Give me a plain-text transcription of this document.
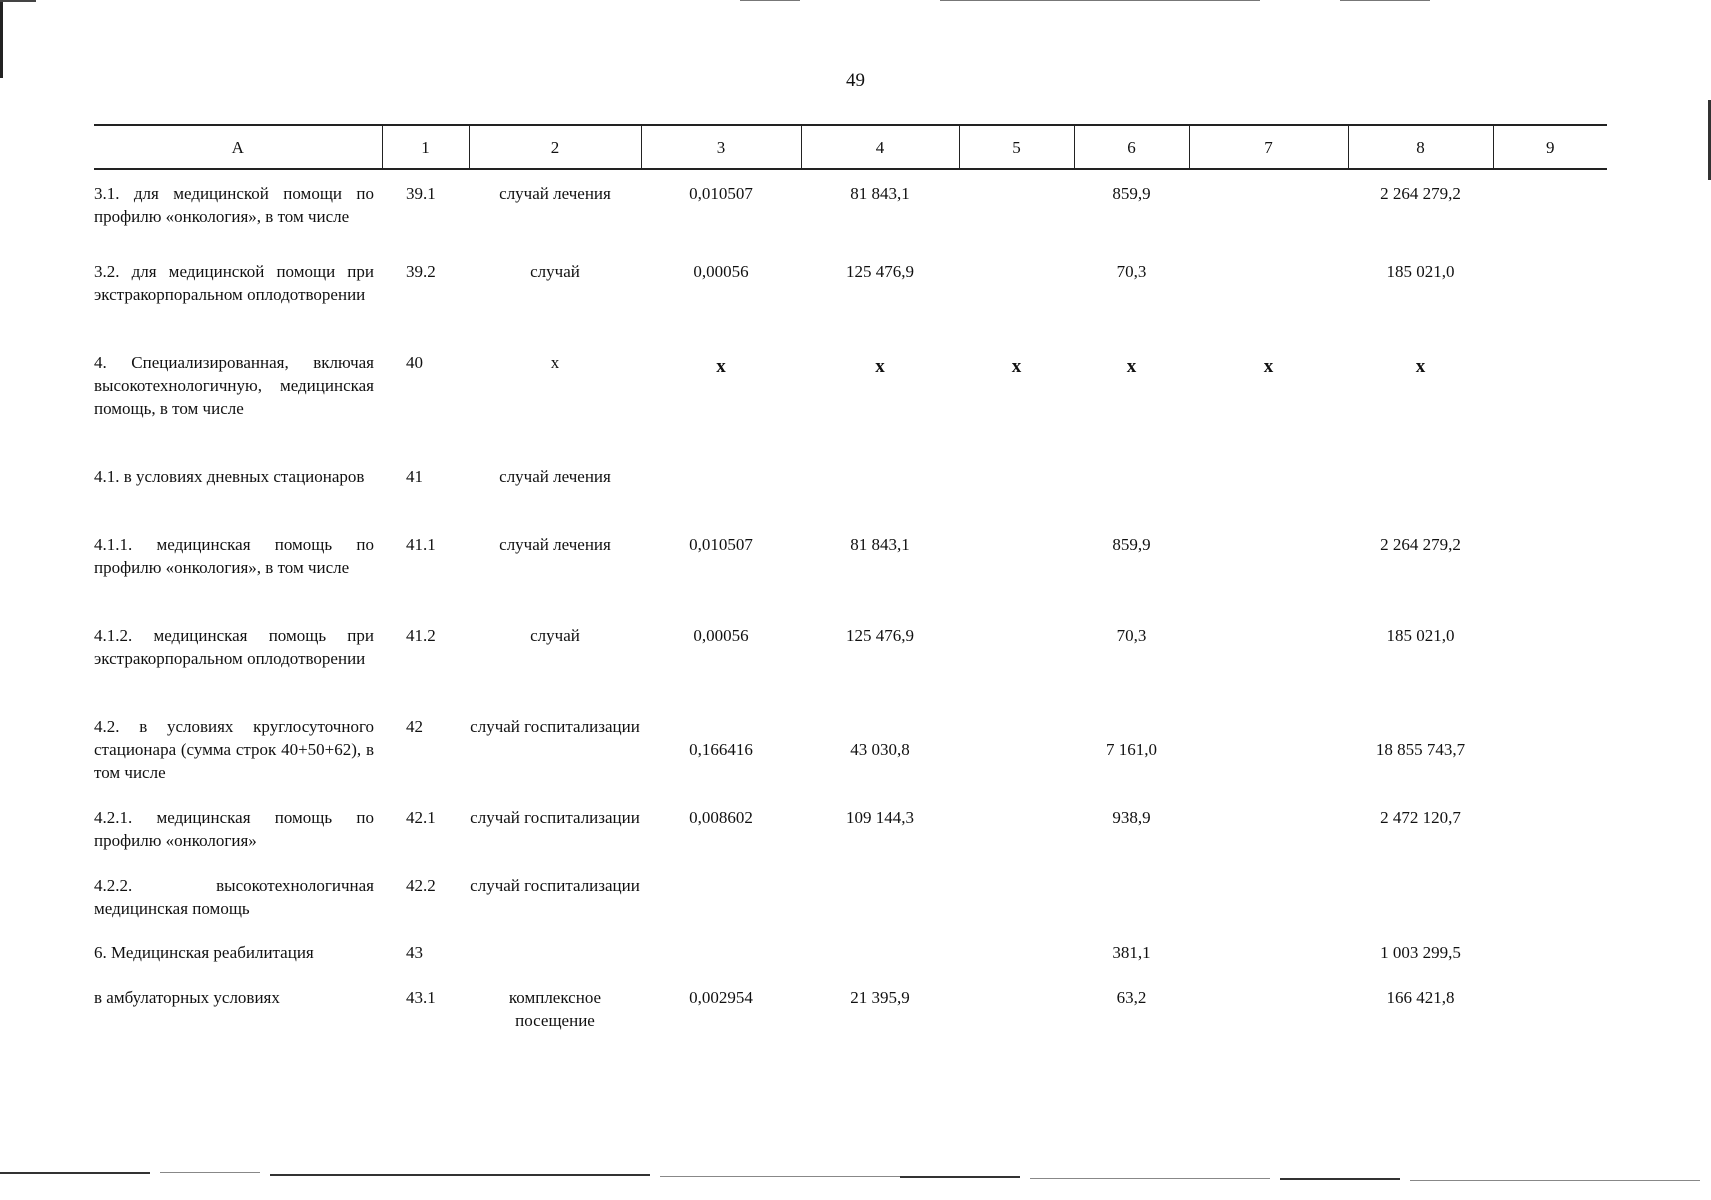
49
А	1	2	3	4	5	6	7	8	9
3.1. для медицинской помощи по профилю «онкология», в том числе	39.1	случай лечения	0,010507	81 843,1		859,9		2 264 279,2	
3.2. для медицинской помощи при экстракорпоральном оплодотворении	39.2	случай	0,00056	125 476,9		70,3		185 021,0	
4. Специализированная, включая высокотехнологичную, медицинская помощь, в том числе	40	х	х	х	х	х	х	х	
4.1. в условиях дневных стационаров	41	случай лечения							
4.1.1. медицинская помощь по профилю «онкология», в том числе	41.1	случай лечения	0,010507	81 843,1		859,9		2 264 279,2	
4.1.2. медицинская помощь при экстракорпоральном оплодотворении	41.2	случай	0,00056	125 476,9		70,3		185 021,0	
4.2. в условиях круглосуточного стационара (сумма строк 40+50+62), в том числе	42	случай госпитализации	0,166416	43 030,8		7 161,0		18 855 743,7	
4.2.1. медицинская помощь по профилю «онкология»	42.1	случай госпитализации	0,008602	109 144,3		938,9		2 472 120,7	
4.2.2. высокотехнологичная медицинская помощь	42.2	случай госпитализации							
6. Медицинская реабилитация	43					381,1		1 003 299,5	
в амбулаторных условиях	43.1	комплексное посещение	0,002954	21 395,9		63,2		166 421,8	
